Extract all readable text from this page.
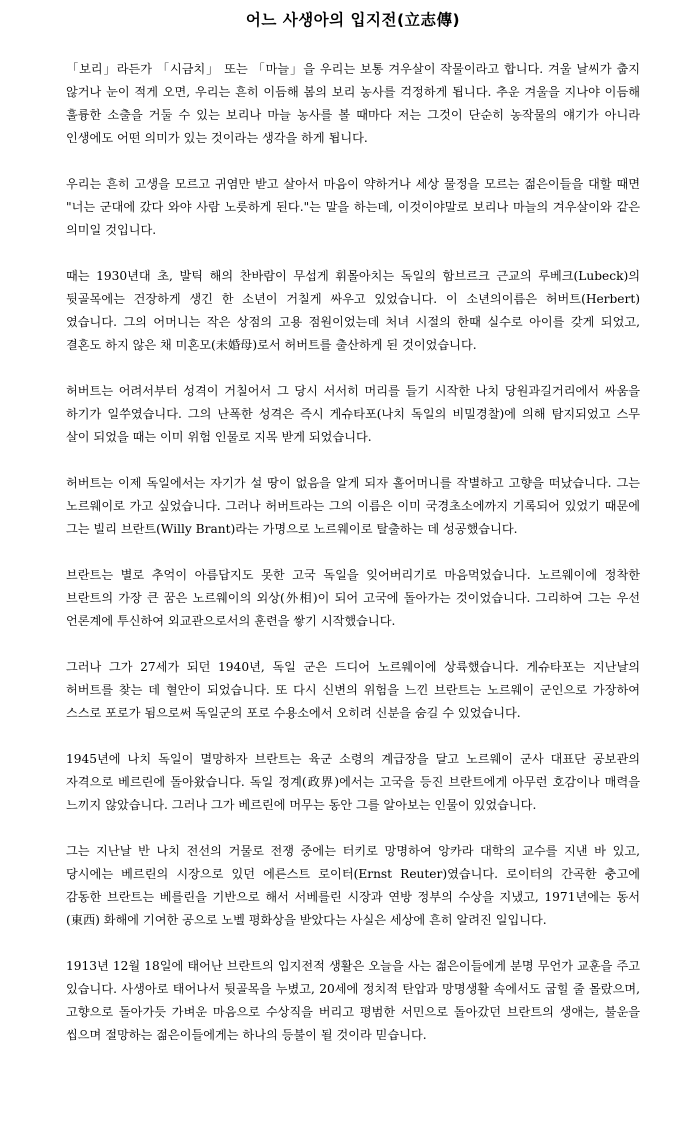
어느 사생아의 입지전(立志傳)

「보리」라든가 「시금치」 또는 「마늘」을 우리는 보통 겨우살이 작물이라고 합니다. 겨울 날씨가 춥지 않거나 눈이 적게 오면, 우리는 흔히 이듬해 봄의 보리 농사를 걱정하게 됩니다. 추운 겨울을 지나야 이듬해 훌륭한 소출을 거둘 수 있는 보리나 마늘 농사를 볼 때마다 저는 그것이 단순히 농작물의 얘기가 아니라 인생에도 어떤 의미가 있는 것이라는 생각을 하게 됩니다.

우리는 흔히 고생을 모르고 귀염만 받고 살아서 마음이 약하거나 세상 물정을 모르는 젊은이들을 대할 때면 "너는 군대에 갔다 와야 사람 노릇하게 된다."는 말을 하는데, 이것이야말로 보리나 마늘의 겨우살이와 같은 의미일 것입니다.

때는 1930년대 초, 발틱 해의 찬바람이 무섭게 휘몰아치는 독일의 함브르크 근교의 루베크(Lubeck)의 뒷골목에는 건장하게 생긴 한 소년이 거칠게 싸우고 있었습니다. 이 소년의이름은 허버트(Herbert)였습니다. 그의 어머니는 작은 상점의 고용 점원이었는데 처녀 시절의 한때 실수로 아이를 갖게 되었고, 결혼도 하지 않은 채 미혼모(未婚母)로서 허버트를 출산하게 된 것이었습니다.

허버트는 어려서부터 성격이 거칠어서 그 당시 서서히 머리를 들기 시작한 나치 당원과길거리에서 싸움을 하기가 일쑤였습니다. 그의 난폭한 성격은 즉시 게슈타포(나치 독일의 비밀경찰)에 의해 탐지되었고 스무 살이 되었을 때는 이미 위험 인물로 지목 받게 되었습니다.

허버트는 이제 독일에서는 자기가 설 땅이 없음을 알게 되자 홀어머니를 작별하고 고향을 떠났습니다. 그는 노르웨이로 가고 싶었습니다. 그러나 허버트라는 그의 이름은 이미 국경초소에까지 기록되어 있었기 때문에 그는 빌리 브란트(Willy Brant)라는 가명으로 노르웨이로 탈출하는 데 성공했습니다.

브란트는 별로 추억이 아름답지도 못한 고국 독일을 잊어버리기로 마음먹었습니다. 노르웨이에 정착한 브란트의 가장 큰 꿈은 노르웨이의 외상(外相)이 되어 고국에 돌아가는 것이었습니다. 그리하여 그는 우선 언론계에 투신하여 외교관으로서의 훈련을 쌓기 시작했습니다.

그러나 그가 27세가 되던 1940년, 독일 군은 드디어 노르웨이에 상륙했습니다. 게슈타포는 지난날의 허버트를 찾는 데 혈안이 되었습니다. 또 다시 신변의 위험을 느낀 브란트는 노르웨이 군인으로 가장하여 스스로 포로가 됨으로써 독일군의 포로 수용소에서 오히려 신분을 숨길 수 있었습니다.

1945년에 나치 독일이 멸망하자 브란트는 육군 소령의 계급장을 달고 노르웨이 군사 대표단 공보관의 자격으로 베르린에 돌아왔습니다. 독일 정계(政界)에서는 고국을 등진 브란트에게 아무런 호감이나 매력을 느끼지 않았습니다. 그러나 그가 베르린에 머무는 동안 그를 알아보는 인물이 있었습니다.

그는 지난날 반 나치 전선의 거물로 전쟁 중에는 터키로 망명하여 앙카라 대학의 교수를 지낸 바 있고, 당시에는 베르린의 시장으로 있던 에른스트 로이터(Ernst Reuter)였습니다. 로이터의 간곡한 충고에 감동한 브란트는 베를린을 기반으로 해서 서베를린 시장과 연방 정부의 수상을 지냈고, 1971년에는 동서(東西) 화해에 기여한 공으로 노벨 평화상을 받았다는 사실은 세상에 흔히 알려진 일입니다.

1913년 12월 18일에 태어난 브란트의 입지전적 생활은 오늘을 사는 젊은이들에게 분명 무언가 교훈을 주고 있습니다. 사생아로 태어나서 뒷골목을 누볐고, 20세에 정치적 탄압과 망명생활 속에서도 굽힐 줄 몰랐으며, 고향으로 돌아가듯 가벼운 마음으로 수상직을 버리고 평범한 서민으로 돌아갔던 브란트의 생애는, 불운을 씹으며 절망하는 젊은이들에게는 하나의 등불이 될 것이라 믿습니다.
